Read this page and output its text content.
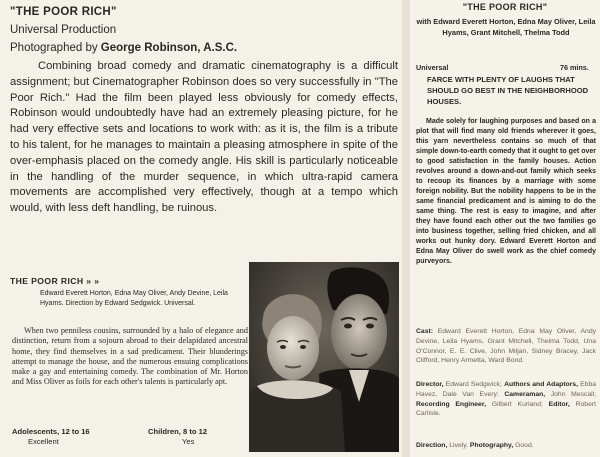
"THE POOR RICH"
Universal Production
Photographed by George Robinson, A.S.C.

Combining broad comedy and dramatic cinematography is a difficult assignment; but Cinematographer Robinson does so very successfully in "The Poor Rich." Had the film been played less obviously for comedy effects, Robinson would undoubtedly have had an extremely pleasing picture, for he had very effective sets and locations to work with: as it is, the film is a tribute to his talent, for he manages to maintain a pleasing atmosphere in spite of the over-emphasis placed on the comedy angle. His skill is particularly noticeable in the handling of the murder sequence, in which ultra-rapid camera movements are accomplished very effectively, though at a tempo which would, with less deft handling, be ruinous.

THE POOR RICH » »

Edward Everett Horton, Edna May Oliver, Andy Devine, Leila Hyams. Direction by Edward Sedgwick. Universal.

When two penniless cousins, surrounded by a halo of elegance and distinction, return from a sojourn abroad to their delapidated ancestral home, they find themselves in a sad predicament. Their blunderings attempt to manage the house, and the numerous ensuing complications make a gay and entertaining comedy. The combination of Mr. Horton and Miss Oliver as foils for each other's talents is particularly apt.

Adolescents, 12 to 16
Excellent
Children, 8 to 12
Yes
"THE POOR RICH"

with Edward Everett Horton, Edna May Oliver, Leila Hyams, Grant Mitchell, Thelma Todd

Universal	76 mins.

FARCE WITH PLENTY OF LAUGHS THAT SHOULD GO BEST IN THE NEIGHBORHOOD HOUSES.

Made solely for laughing purposes and based on a plot that will find many old friends wherever it goes, this yarn nevertheless contains so much of that simple down-to-earth comedy that it ought to get over to good satisfaction in the family houses. Action revolves around a down-and-out family which seeks to recoup its finances by a marriage with some foreign nobility. But the nobility happens to be in the same financial predicament and is aiming to do the same thing. The rest is easy to imagine, and after they have found each other out the two families go into business together, selling fried chicken, and all works out hunky dory. Edward Everett Horton and Edna May Oliver do swell work as the chief comedy purveyors.

Cast: Edward Everett Horton, Edna May Oliver, Andy Devine, Leila Hyams, Grant Mitchell, Thelma Todd, Una O'Connor, E. E. Clive, John Miljan, Sidney Bracey, Jack Clifford, Henry Armetta, Ward Bond.

Director, Edward Sedgwick; Authors and Adaptors, Ebba Havez, Dale Van Every; Cameraman, John Mescall; Recording Engineer, Gilbert Kurland; Editor, Robert Carlisle.

Direction, Lively. Photography, Good.
